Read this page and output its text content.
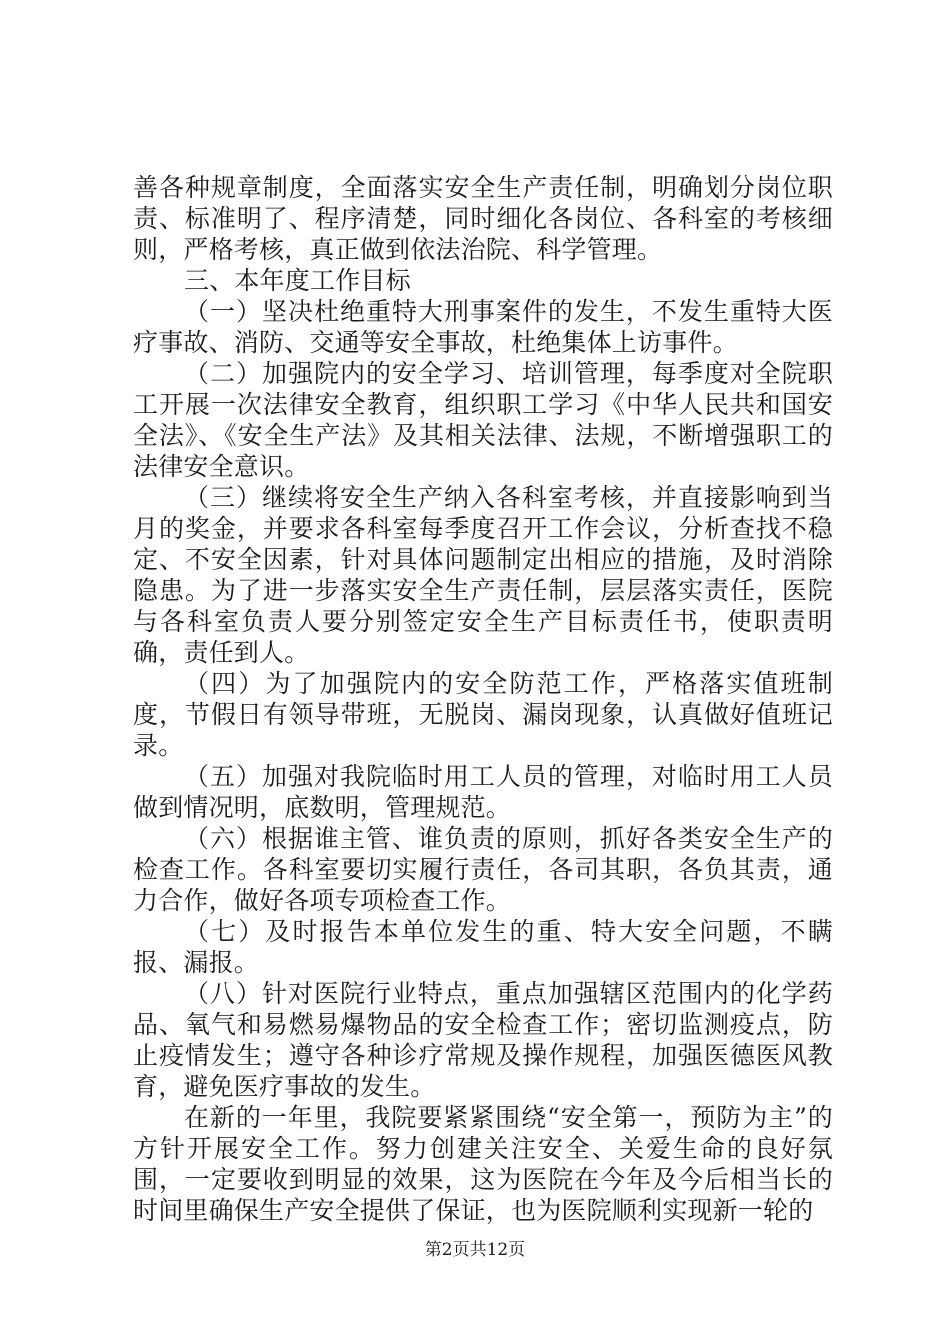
善各种规章制度，全面落实安全生产责任制，明确划分岗位职责、标准明了、程序清楚，同时细化各岗位、各科室的考核细则，严格考核，真正做到依法治院、科学管理。

三、本年度工作目标

（一）坚决杜绝重特大刑事案件的发生，不发生重特大医疗事故、消防、交通等安全事故，杜绝集体上访事件。

（二）加强院内的安全学习、培训管理，每季度对全院职工开展一次法律安全教育，组织职工学习《中华人民共和国安全法》、《安全生产法》及其相关法律、法规，不断增强职工的法律安全意识。

（三）继续将安全生产纳入各科室考核，并直接影响到当月的奖金，并要求各科室每季度召开工作会议，分析查找不稳定、不安全因素，针对具体问题制定出相应的措施，及时消除隐患。为了进一步落实安全生产责任制，层层落实责任，医院与各科室负责人要分别签定安全生产目标责任书，使职责明确，责任到人。

（四）为了加强院内的安全防范工作，严格落实值班制度，节假日有领导带班，无脱岗、漏岗现象，认真做好值班记录。

（五）加强对我院临时用工人员的管理，对临时用工人员做到情况明，底数明，管理规范。

（六）根据谁主管、谁负责的原则，抓好各类安全生产的检查工作。各科室要切实履行责任，各司其职，各负其责，通力合作，做好各项专项检查工作。

（七）及时报告本单位发生的重、特大安全问题，不瞒报、漏报。

（八）针对医院行业特点，重点加强辖区范围内的化学药品、氧气和易燃易爆物品的安全检查工作；密切监测疫点，防止疫情发生；遵守各种诊疗常规及操作规程，加强医德医风教育，避免医疗事故的发生。

在新的一年里，我院要紧紧围绕“安全第一，预防为主”的方针开展安全工作。努力创建关注安全、关爱生命的良好氛围，一定要收到明显的效果，这为医院在今年及今后相当长的时间里确保生产安全提供了保证，也为医院顺利实现新一轮的

第2页共12页
